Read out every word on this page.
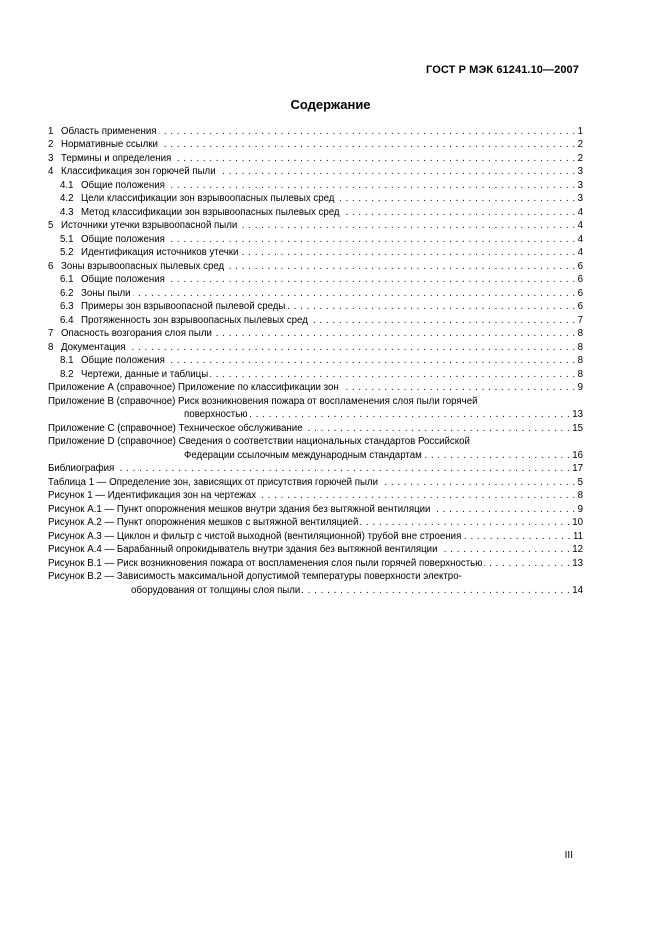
ГОСТ Р МЭК 61241.10—2007
Содержание
1 Область применения . . .	1
2 Нормативные ссылки . . .	2
3 Термины и определения . . .	2
4 Классификация зон горючей пыли . . .	3
4.1 Общие положения . . .	3
4.2 Цели классификации зон взрывоопасных пылевых сред . . .	3
4.3 Метод классификации зон взрывоопасных пылевых сред . . .	4
5 Источники утечки взрывоопасной пыли . . .	4
5.1 Общие положения . . .	4
5.2 Идентификация источников утечки . . .	4
6 Зоны взрывоопасных пылевых сред . . .	6
6.1 Общие положения . . .	6
6.2 Зоны пыли . . .	6
6.3 Примеры зон взрывоопасной пылевой среды . . .	6
6.4 Протяженность зон взрывоопасных пылевых сред . . .	7
7 Опасность возгорания слоя пыли . . .	8
8 Документация . . .	8
8.1 Общие положения . . .	8
8.2 Чертежи, данные и таблицы . . .	8
Приложение А (справочное) Приложение по классификации зон . . .	9
Приложение В (справочное) Риск возникновения пожара от воспламенения слоя пыли горячей
поверхностью . . .	13
Приложение С (справочное) Техническое обслуживание . . .	15
Приложение D (справочное) Сведения о соответствии национальных стандартов Российской
Федерации ссылочным международным стандартам . . .	16
Библиография . . .	17
Таблица 1 — Определение зон, зависящих от присутствия горючей пыли . . .	5
Рисунок 1 — Идентификация зон на чертежах . . .	8
Рисунок А.1 — Пункт опорожнения мешков внутри здания без вытяжной вентиляции . . .	9
Рисунок А.2 — Пункт опорожнения мешков с вытяжной вентиляцией . . .	10
Рисунок А.3 — Циклон и фильтр с чистой выходной (вентиляционной) трубой вне строения . . .	11
Рисунок А.4 — Барабанный опрокидыватель внутри здания без вытяжной вентиляции . . .	12
Рисунок В.1 — Риск возникновения пожара от воспламенения слоя пыли горячей поверхностью . . .	13
Рисунок В.2 — Зависимость максимальной допустимой температуры поверхности электро-
оборудования от толщины слоя пыли . . .	14
III
